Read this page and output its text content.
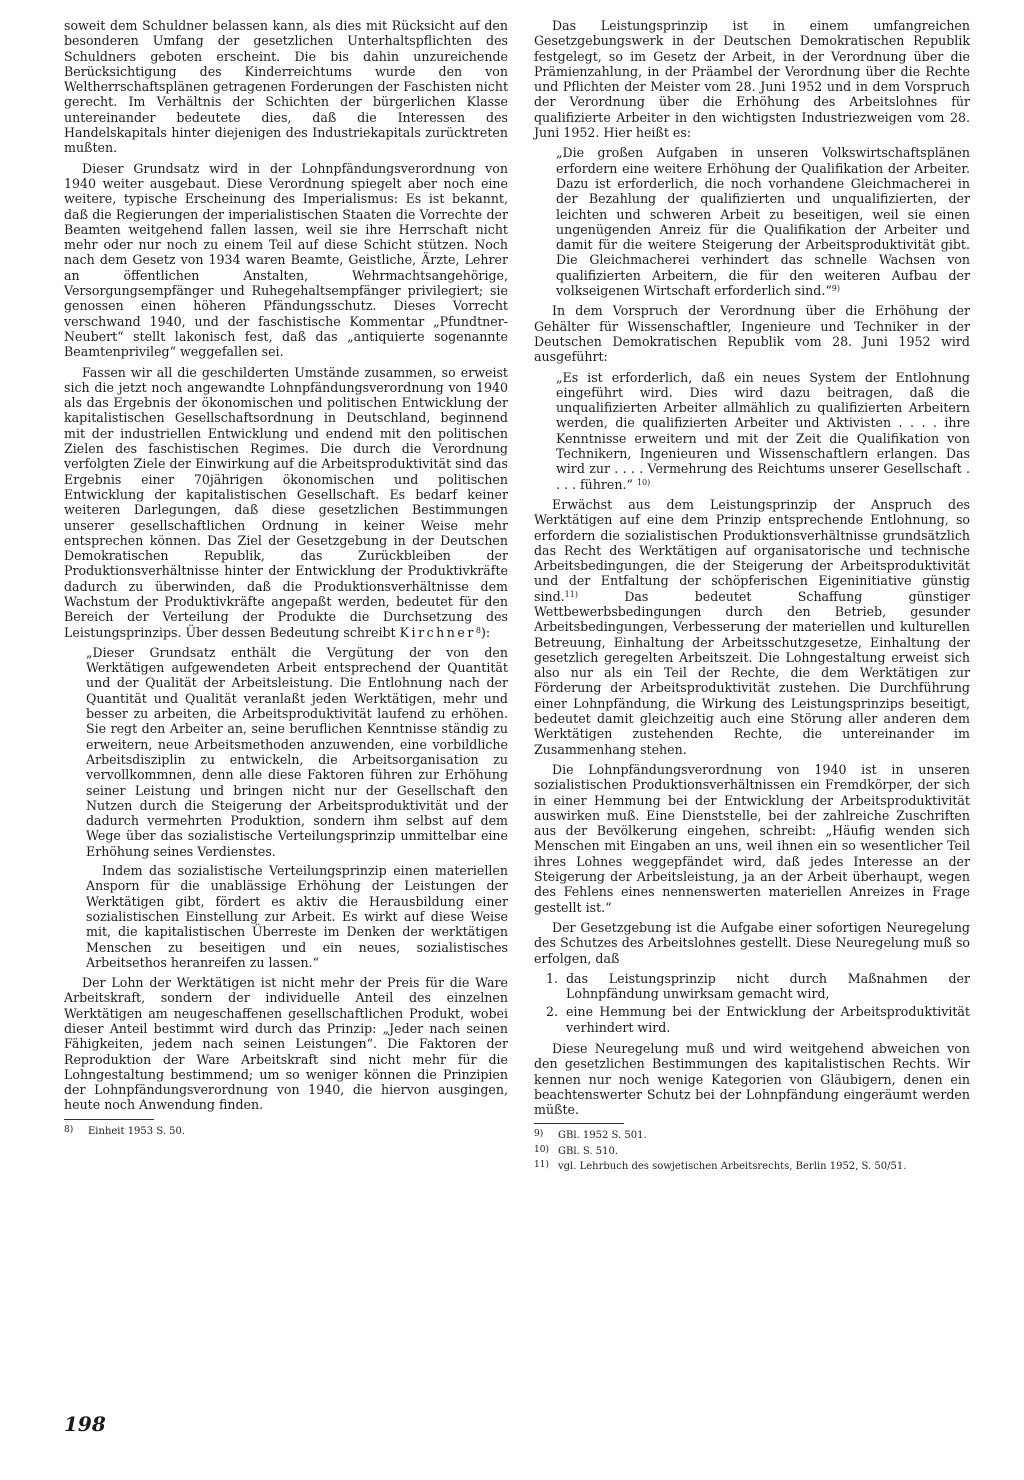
soweit dem Schuldner belassen kann, als dies mit Rücksicht auf den besonderen Umfang der gesetzlichen Unterhaltspflichten des Schuldners geboten erscheint. Die bis dahin unzureichende Berücksichtigung des Kinderreichtums wurde den von Weltherrschaftsplänen getragenen Forderungen der Faschisten nicht gerecht. Im Verhältnis der Schichten der bürgerlichen Klasse untereinander bedeutete dies, daß die Interessen des Handelskapitals hinter diejenigen des Industriekapitals zurücktreten mußten.

Dieser Grundsatz wird in der Lohnpfändungsverordnung von 1940 weiter ausgebaut. Diese Verordnung spiegelt aber noch eine weitere, typische Erscheinung des Imperialismus: Es ist bekannt, daß die Regierungen der imperialistischen Staaten die Vorrechte der Beamten weitgehend fallen lassen, weil sie ihre Herrschaft nicht mehr oder nur noch zu einem Teil auf diese Schicht stützen. Noch nach dem Gesetz von 1934 waren Beamte, Geistliche, Ärzte, Lehrer an öffentlichen Anstalten, Wehrmachtsangehörige, Versorgungsempfänger und Ruhegehaltsempfänger privilegiert; sie genossen einen höheren Pfändungsschutz. Dieses Vorrecht verschwand 1940, und der faschistische Kommentar „Pfundtner-Neubert“ stellt lakonisch fest, daß das „antiquierte sogenannte Beamtenprivileg“ weggefallen sei.

Fassen wir all die geschilderten Umstände zusammen, so erweist sich die jetzt noch angewandte Lohnpfändungsverordnung von 1940 als das Ergebnis der ökonomischen und politischen Entwicklung der kapitalistischen Gesellschaftsordnung in Deutschland, beginnend mit der industriellen Entwicklung und endend mit den politischen Zielen des faschistischen Regimes. Die durch die Verordnung verfolgten Ziele der Einwirkung auf die Arbeitsproduktivität sind das Ergebnis einer 70jährigen ökonomischen und politischen Entwicklung der kapitalistischen Gesellschaft. Es bedarf keiner weiteren Darlegungen, daß diese gesetzlichen Bestimmungen unserer gesellschaftlichen Ordnung in keiner Weise mehr entsprechen können. Das Ziel der Gesetzgebung in der Deutschen Demokratischen Republik, das Zurückbleiben der Produktionsverhältnisse hinter der Entwicklung der Produktivkräfte dadurch zu überwinden, daß die Produktionsverhältnisse dem Wachstum der Produktivkräfte angepaßt werden, bedeutet für den Bereich der Verteilung der Produkte die Durchsetzung des Leistungsprinzips. Über dessen Bedeutung schreibt Kirchner$^8$):

„Dieser Grundsatz enthält die Vergütung der von den Werktätigen aufgewendeten Arbeit entsprechend der Quantität und der Qualität der Arbeitsleistung. Die Entlohnung nach der Quantität und Qualität veranlaßt jeden Werktätigen, mehr und besser zu arbeiten, die Arbeitsproduktivität laufend zu erhöhen. Sie regt den Arbeiter an, seine beruflichen Kenntnisse ständig zu erweitern, neue Arbeitsmethoden anzuwenden, eine vorbildliche Arbeitsdisziplin zu entwickeln, die Arbeitsorganisation zu vervollkommnen, denn alle diese Faktoren führen zur Erhöhung seiner Leistung und bringen nicht nur der Gesellschaft den Nutzen durch die Steigerung der Arbeitsproduktivität und der dadurch vermehrten Produktion, sondern ihm selbst auf dem Wege über das sozialistische Verteilungsprinzip unmittelbar eine Erhöhung seines Verdienstes.

Indem das sozialistische Verteilungsprinzip einen materiellen Ansporn für die unablässige Erhöhung der Leistungen der Werktätigen gibt, fördert es aktiv die Herausbildung einer sozialistischen Einstellung zur Arbeit. Es wirkt auf diese Weise mit, die kapitalistischen Überreste im Denken der werktätigen Menschen zu beseitigen und ein neues, sozialistisches Arbeitsethos heranreifen zu lassen.“

Der Lohn der Werktätigen ist nicht mehr der Preis für die Ware Arbeitskraft, sondern der individuelle Anteil des einzelnen Werktätigen am neugeschaffenen gesellschaftlichen Produkt, wobei dieser Anteil bestimmt wird durch das Prinzip: „Jeder nach seinen Fähigkeiten, jedem nach seinen Leistungen“. Die Faktoren der Reproduktion der Ware Arbeitskraft sind nicht mehr für die Lohngestaltung bestimmend; um so weniger können die Prinzipien der Lohnpfändungsverordnung von 1940, die hiervon ausgingen, heute noch Anwendung finden.

8) Einheit 1953 S. 50.

Das Leistungsprinzip ist in einem umfangreichen Gesetzgebungswerk in der Deutschen Demokratischen Republik festgelegt, so im Gesetz der Arbeit, in der Verordnung über die Prämienzahlung, in der Präambel der Verordnung über die Rechte und Pflichten der Meister vom 28. Juni 1952 und in dem Vorspruch der Verordnung über die Erhöhung des Arbeitslohnes für qualifizierte Arbeiter in den wichtigsten Industriezweigen vom 28. Juni 1952. Hier heißt es:

„Die großen Aufgaben in unseren Volkswirtschaftsplänen erfordern eine weitere Erhöhung der Qualifikation der Arbeiter. Dazu ist erforderlich, die noch vorhandene Gleichmacherei in der Bezahlung der qualifizierten und unqualifizierten, der leichten und schweren Arbeit zu beseitigen, weil sie einen ungenügenden Anreiz für die Qualifikation der Arbeiter und damit für die weitere Steigerung der Arbeitsproduktivität gibt. Die Gleichmacherei verhindert das schnelle Wachsen von qualifizierten Arbeitern, die für den weiteren Aufbau der volkseigenen Wirtschaft erforderlich sind.“$^{9)}$

In dem Vorspruch der Verordnung über die Erhöhung der Gehälter für Wissenschaftler, Ingenieure und Techniker in der Deutschen Demokratischen Republik vom 28. Juni 1952 wird ausgeführt:

„Es ist erforderlich, daß ein neues System der Entlohnung eingeführt wird. Dies wird dazu beitragen, daß die unqualifizierten Arbeiter allmählich zu qualifizierten Arbeitern werden, die qualifizierten Arbeiter und Aktivisten . . . . ihre Kenntnisse erweitern und mit der Zeit die Qualifikation von Technikern, Ingenieuren und Wissenschaftlern erlangen. Das wird zur . . . . Vermehrung des Reichtums unserer Gesellschaft . . . . führen.“ $^{10)}$

Erwächst aus dem Leistungsprinzip der Anspruch des Werktätigen auf eine dem Prinzip entsprechende Entlohnung, so erfordern die sozialistischen Produktionsverhältnisse grundsätzlich das Recht des Werktätigen auf organisatorische und technische Arbeitsbedingungen, die der Steigerung der Arbeitsproduktivität und der Entfaltung der schöpferischen Eigeninitiative günstig sind.$^{11)}$ Das bedeutet Schaffung günstiger Wettbewerbsbedingungen durch den Betrieb, gesunder Arbeitsbedingungen, Verbesserung der materiellen und kulturellen Betreuung, Einhaltung der Arbeitsschutzgesetze, Einhaltung der gesetzlich geregelten Arbeitszeit. Die Lohngestaltung erweist sich also nur als ein Teil der Rechte, die dem Werktätigen zur Förderung der Arbeitsproduktivität zustehen. Die Durchführung einer Lohnpfändung, die Wirkung des Leistungsprinzips beseitigt, bedeutet damit gleichzeitig auch eine Störung aller anderen dem Werktätigen zustehenden Rechte, die untereinander im Zusammenhang stehen.

Die Lohnpfändungsverordnung von 1940 ist in unseren sozialistischen Produktionsverhältnissen ein Fremdkörper, der sich in einer Hemmung bei der Entwicklung der Arbeitsproduktivität auswirken muß. Eine Dienststelle, bei der zahlreiche Zuschriften aus der Bevölkerung eingehen, schreibt: „Häufig wenden sich Menschen mit Eingaben an uns, weil ihnen ein so wesentlicher Teil ihres Lohnes weggepfändet wird, daß jedes Interesse an der Steigerung der Arbeitsleistung, ja an der Arbeit überhaupt, wegen des Fehlens eines nennenswerten materiellen Anreizes in Frage gestellt ist.“

Der Gesetzgebung ist die Aufgabe einer sofortigen Neuregelung des Schutzes des Arbeitslohnes gestellt. Diese Neuregelung muß so erfolgen, daß

1. das Leistungsprinzip nicht durch Maßnahmen der Lohnpfändung unwirksam gemacht wird,
2. eine Hemmung bei der Entwicklung der Arbeitsproduktivität verhindert wird.

Diese Neuregelung muß und wird weitgehend abweichen von den gesetzlichen Bestimmungen des kapitalistischen Rechts. Wir kennen nur noch wenige Kategorien von Gläubigern, denen ein beachtenswerter Schutz bei der Lohnpfändung eingeräumt werden müßte.

9) GBl. 1952 S. 501.
10) GBl. S. 510.
11) vgl. Lehrbuch des sowjetischen Arbeitsrechts, Berlin 1952, S. 50/51.
198
